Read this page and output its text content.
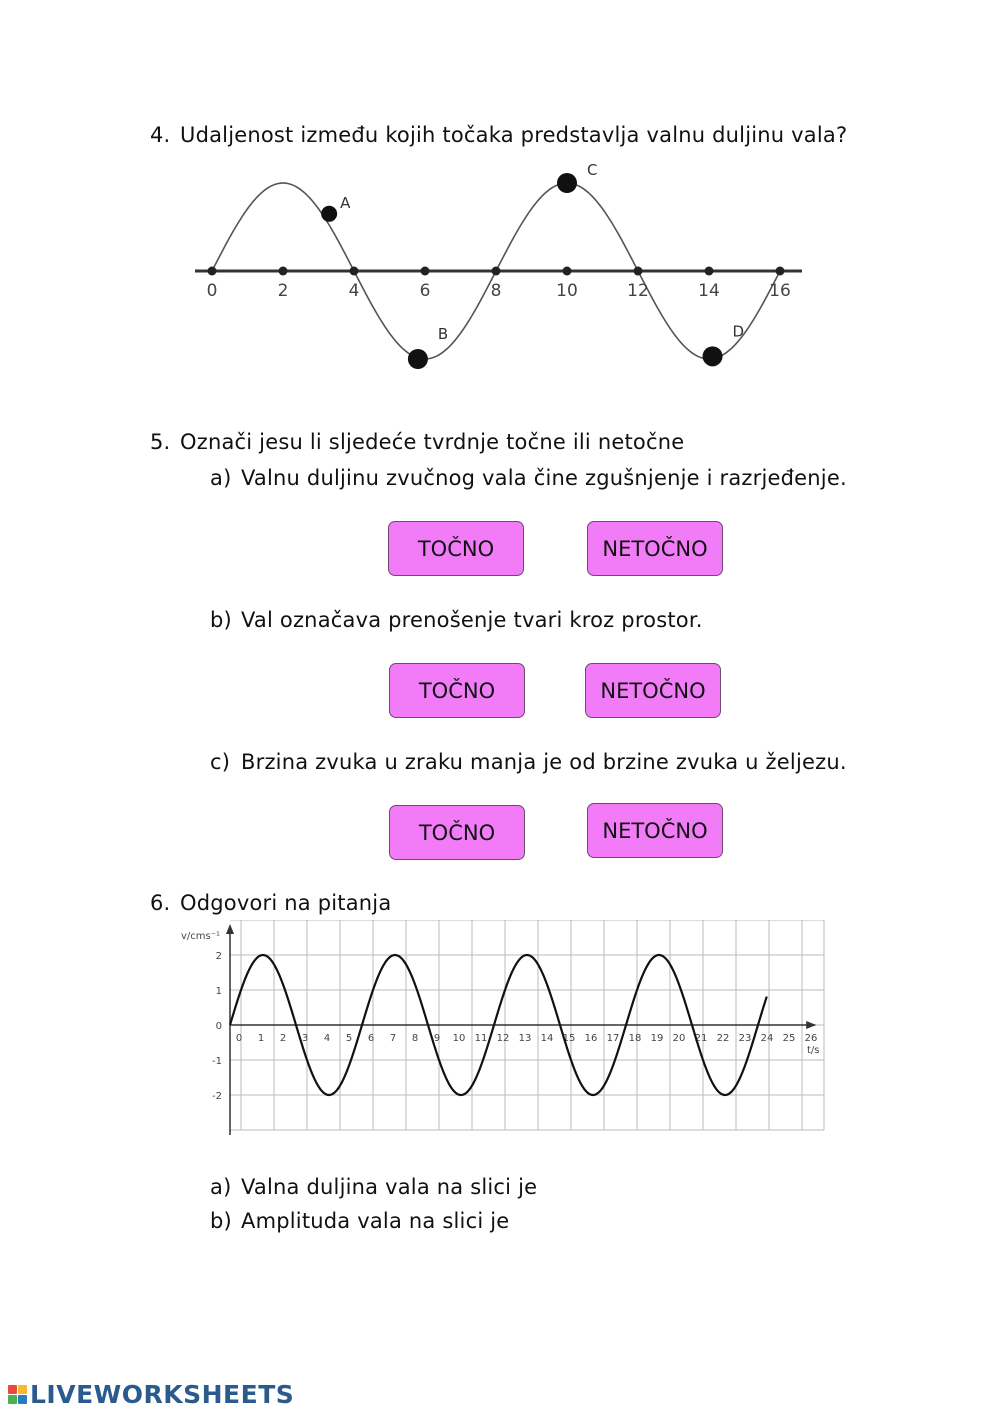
4. Udaljenost između kojih točaka predstavlja valnu duljinu vala?
0	2	4	6	8	10	12	14	16
A
B
C
D
5. Označi jesu li sljedeće tvrdnje točne ili netočne
a) Valnu duljinu zvučnog vala čine zgušnjenje i razrjeđenje.
TOČNO	NETOČNO
b) Val označava prenošenje tvari kroz prostor.
TOČNO	NETOČNO
c) Brzina zvuka u zraku manja je od brzine zvuka u željezu.
TOČNO	NETOČNO
6. Odgovori na pitanja
2
1
0
-1
-2
0 1 2 3 4 5 6 7 8 9 10 11 12 13 14 15 16 17 18 19 20 21 22 23 24 25 26
v/cms⁻¹
t/s
a) Valna duljina vala na slici je
b) Amplituda vala na slici je
LIVEWORKSHEETS
